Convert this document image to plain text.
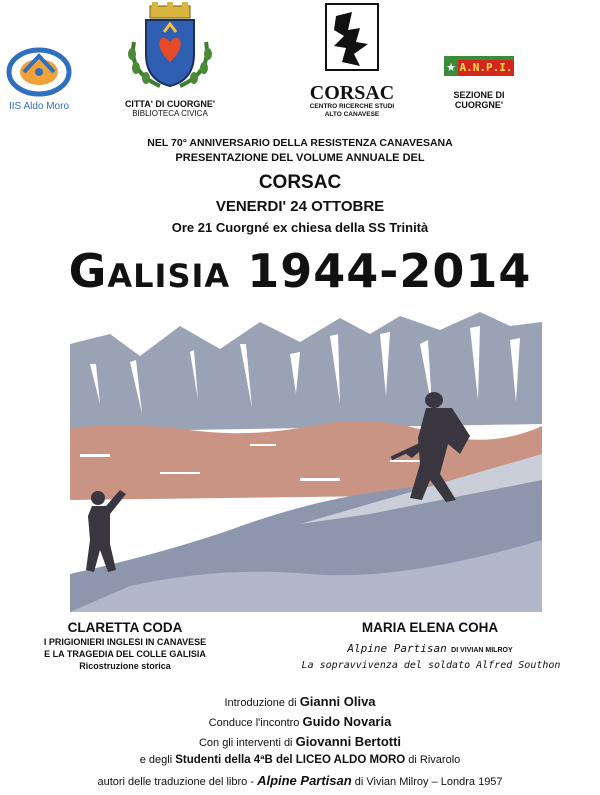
IIS Aldo Moro	CITTA' DI CUORGNE'
BIBLIOTECA CIVICA
CORSAC
CENTRO RICERCHE STUDI
ALTO CANAVESE
★ A.N.P.I.
SEZIONE DI
CUORGNE'
NEL 70° ANNIVERSARIO DELLA RESISTENZA CANAVESANA
PRESENTAZIONE DEL VOLUME ANNUALE DEL
CORSAC
VENERDI' 24 OTTOBRE
Ore 21 Cuorgné ex chiesa della SS Trinità
Galisia 1944-2014
CLARETTA CODA
I PRIGIONIERI INGLESI IN CANAVESE
E LA TRAGEDIA DEL COLLE GALISIA
Ricostruzione storica
MARIA ELENA COHA
Alpine Partisan DI VIVIAN MILROY
La sopravvivenza del soldato Alfred Southon
Introduzione di Gianni Oliva
Conduce l'incontro Guido Novaria
Con gli interventi di Giovanni Bertotti
e degli Studenti della 4ªB del LICEO ALDO MORO di Rivarolo
autori delle traduzione del libro - Alpine Partisan di Vivian Milroy – Londra 1957
